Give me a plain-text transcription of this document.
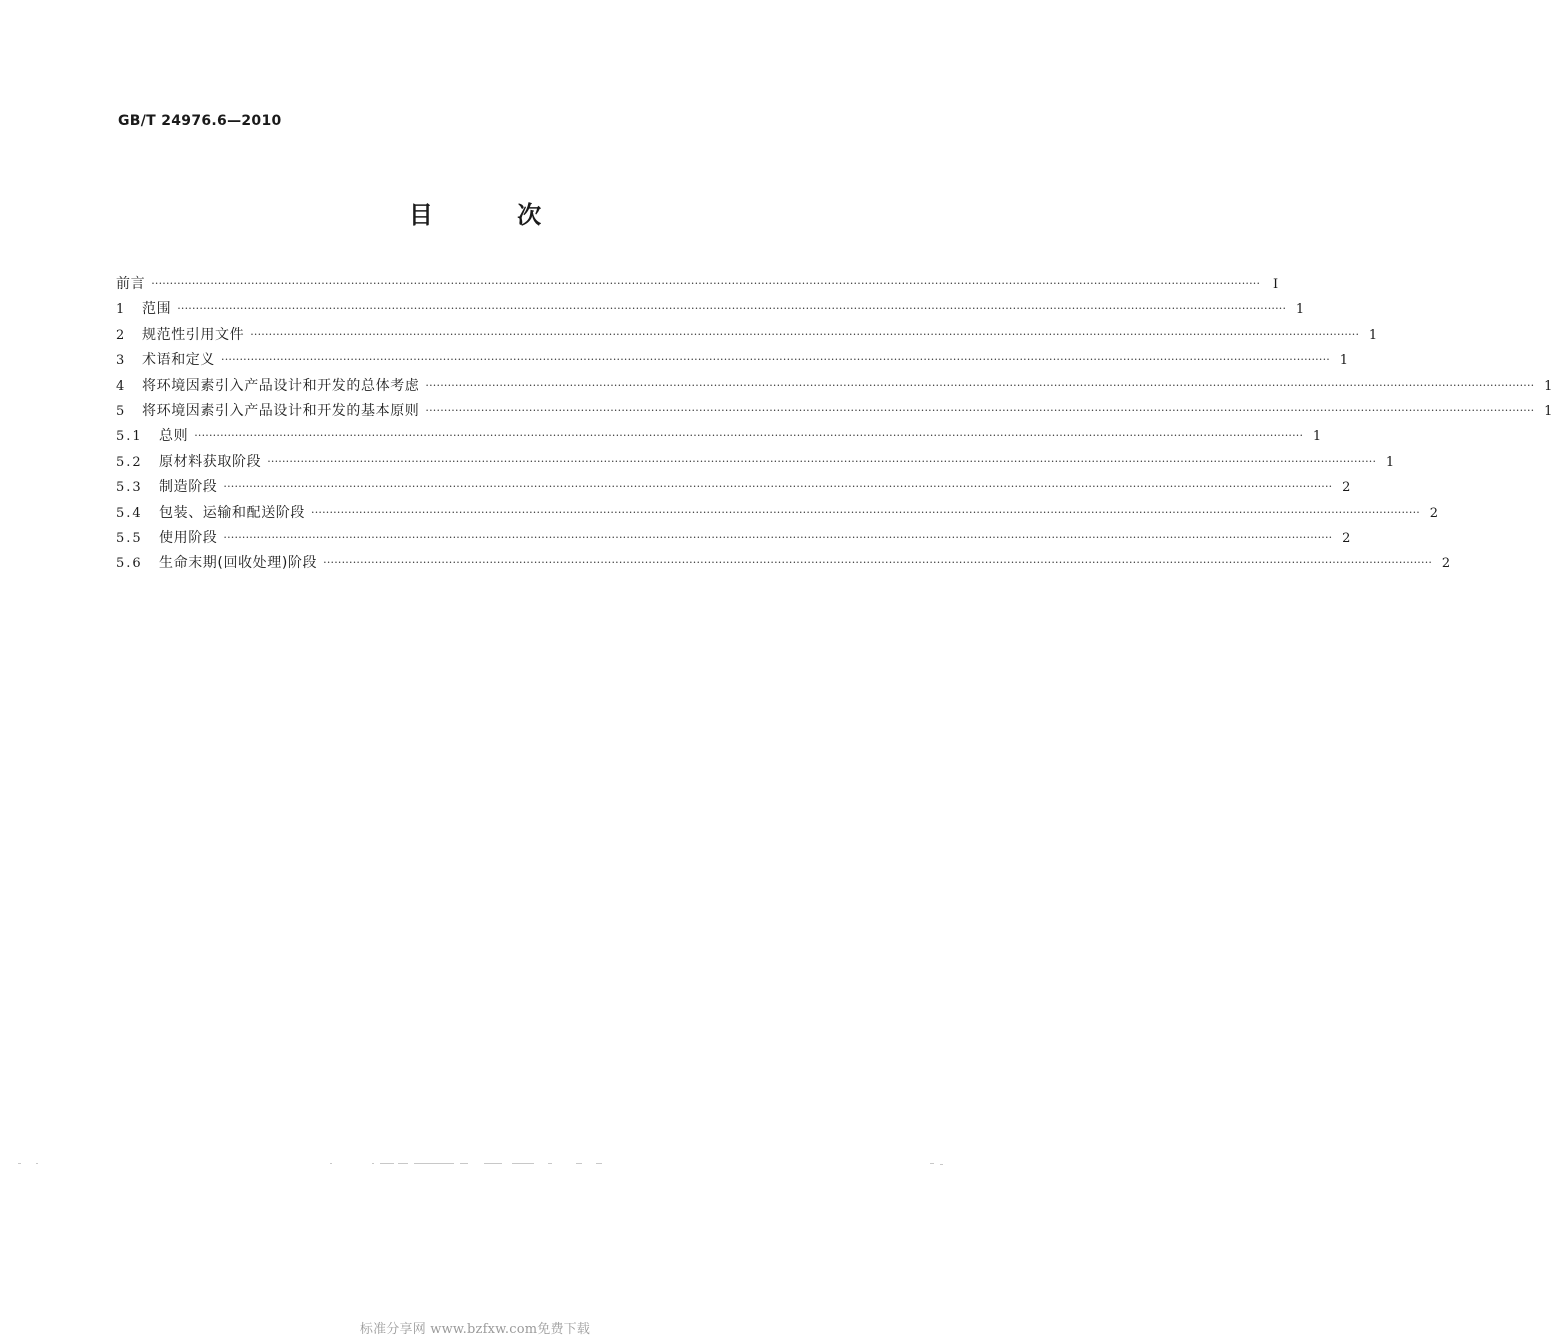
GB/T 24976.6—2010
目 次
前言 ············································································································································································································································································································ Ⅰ
1	范围 ············································································································································································································································································································ 1
2	规范性引用文件 ············································································································································································································································································································ 1
3	术语和定义 ············································································································································································································································································································ 1
4	将环境因素引入产品设计和开发的总体考虑 ············································································································································································································································································································ 1
5	将环境因素引入产品设计和开发的基本原则 ············································································································································································································································································································ 1
5.1	总则 ············································································································································································································································································································ 1
5.2	原材料获取阶段 ············································································································································································································································································································ 1
5.3	制造阶段 ············································································································································································································································································································ 2
5.4	包装、运输和配送阶段 ············································································································································································································································································································ 2
5.5	使用阶段 ············································································································································································································································································································ 2
5.6	生命末期(回收处理)阶段 ············································································································································································································································································································ 2
标准分享网 www.bzfxw.com免费下载
